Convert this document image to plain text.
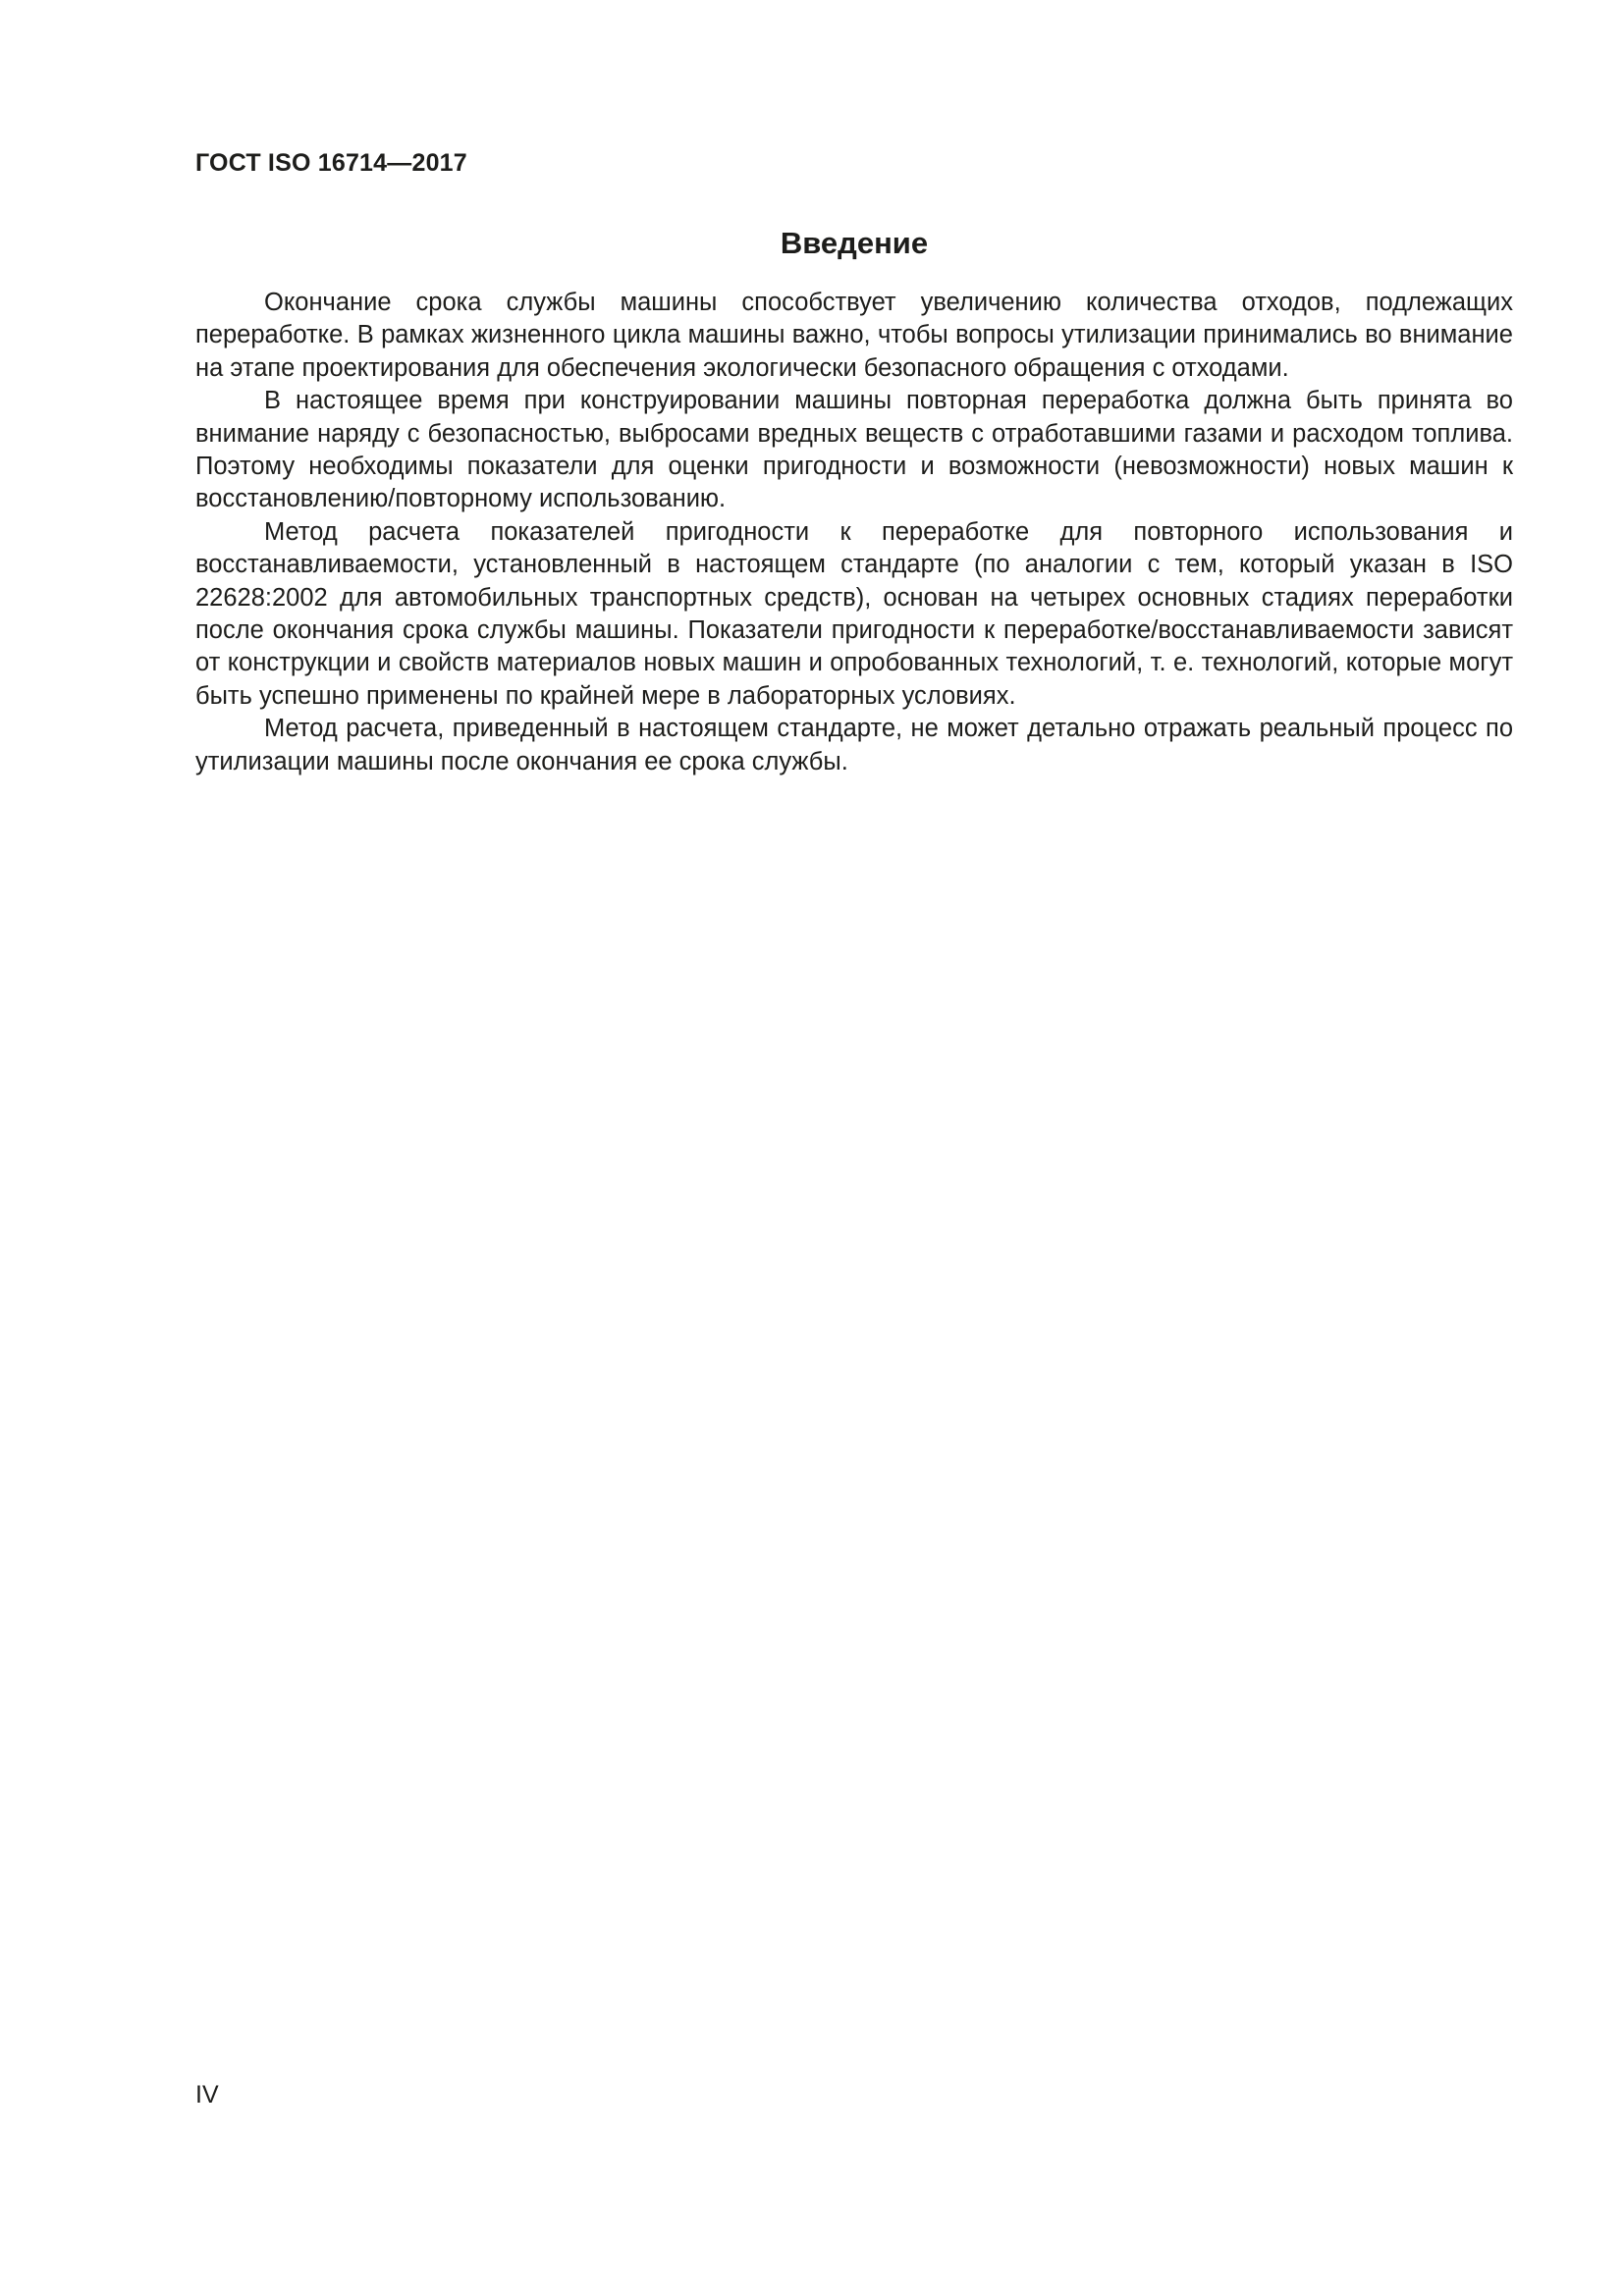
ГОСТ ISO 16714—2017
Введение

Окончание срока службы машины способствует увеличению количества отходов, подлежащих переработке. В рамках жизненного цикла машины важно, чтобы вопросы утилизации принимались во внимание на этапе проектирования для обеспечения экологически безопасного обращения с отходами.

В настоящее время при конструировании машины повторная переработка должна быть принята во внимание наряду с безопасностью, выбросами вредных веществ с отработавшими газами и расходом топлива. Поэтому необходимы показатели для оценки пригодности и возможности (невозможности) новых машин к восстановлению/повторному использованию.

Метод расчета показателей пригодности к переработке для повторного использования и восстанавливаемости, установленный в настоящем стандарте (по аналогии с тем, который указан в ISO 22628:2002 для автомобильных транспортных средств), основан на четырех основных стадиях переработки после окончания срока службы машины. Показатели пригодности к переработке/восстанавливаемости зависят от конструкции и свойств материалов новых машин и опробованных технологий, т. е. технологий, которые могут быть успешно применены по крайней мере в лабораторных условиях.

Метод расчета, приведенный в настоящем стандарте, не может детально отражать реальный процесс по утилизации машины после окончания ее срока службы.

IV
